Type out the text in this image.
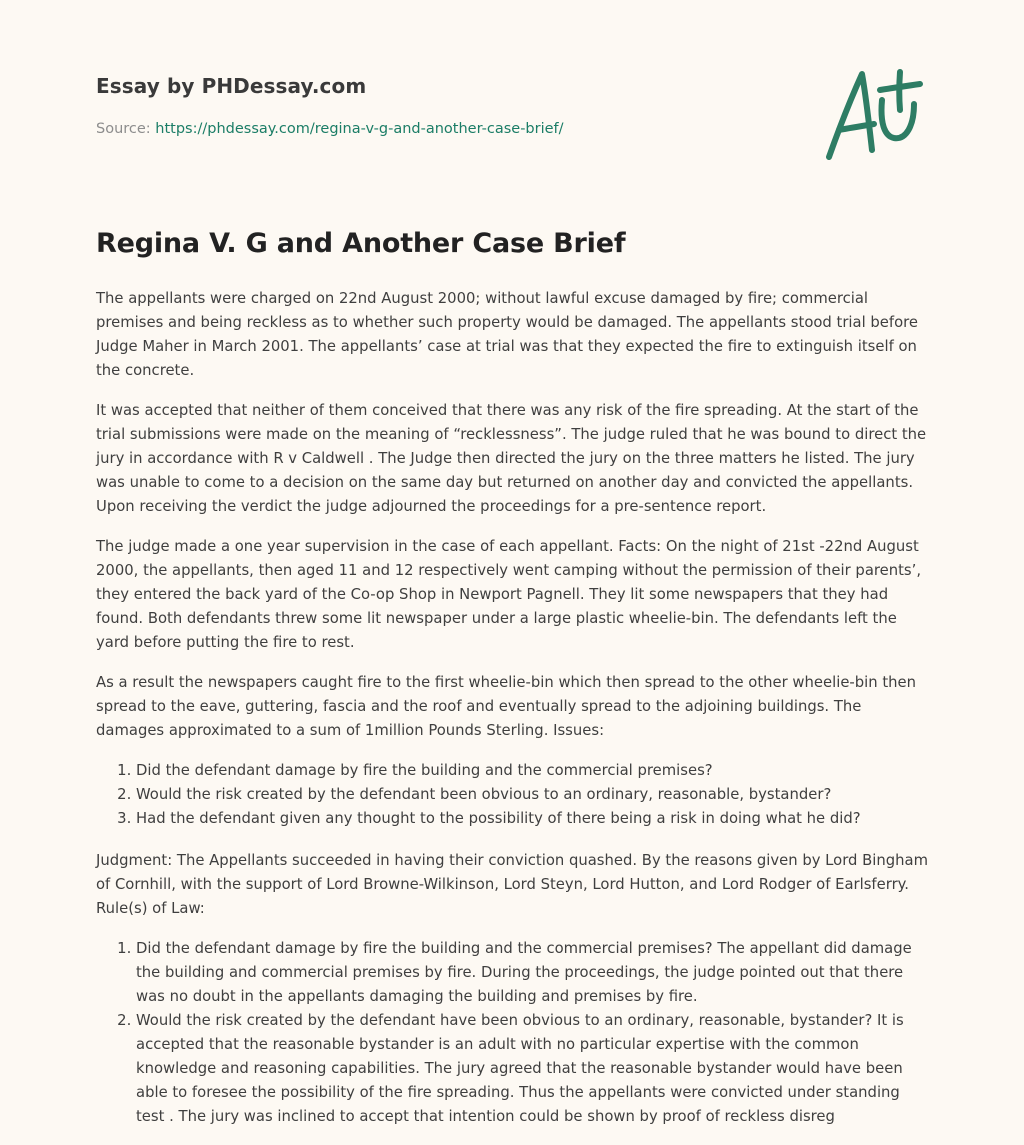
Essay by PHDessay.com
Source: https://phdessay.com/regina-v-g-and-another-case-brief/
Regina V. G and Another Case Brief

The appellants were charged on 22nd August 2000; without lawful excuse damaged by fire; commercial premises and being reckless as to whether such property would be damaged. The appellants stood trial before Judge Maher in March 2001. The appellants’ case at trial was that they expected the fire to extinguish itself on the concrete.

It was accepted that neither of them conceived that there was any risk of the fire spreading. At the start of the trial submissions were made on the meaning of “recklessness”. The judge ruled that he was bound to direct the jury in accordance with R v Caldwell . The Judge then directed the jury on the three matters he listed. The jury was unable to come to a decision on the same day but returned on another day and convicted the appellants. Upon receiving the verdict the judge adjourned the proceedings for a pre-sentence report.

The judge made a one year supervision in the case of each appellant. Facts: On the night of 21st -22nd August 2000, the appellants, then aged 11 and 12 respectively went camping without the permission of their parents’, they entered the back yard of the Co-op Shop in Newport Pagnell. They lit some newspapers that they had found. Both defendants threw some lit newspaper under a large plastic wheelie-bin. The defendants left the yard before putting the fire to rest.

As a result the newspapers caught fire to the first wheelie-bin which then spread to the other wheelie-bin then spread to the eave, guttering, fascia and the roof and eventually spread to the adjoining buildings. The damages approximated to a sum of 1million Pounds Sterling. Issues:

1. Did the defendant damage by fire the building and the commercial premises?
2. Would the risk created by the defendant been obvious to an ordinary, reasonable, bystander?
3. Had the defendant given any thought to the possibility of there being a risk in doing what he did?

Judgment: The Appellants succeeded in having their conviction quashed. By the reasons given by Lord Bingham of Cornhill, with the support of Lord Browne-Wilkinson, Lord Steyn, Lord Hutton, and Lord Rodger of Earlsferry. Rule(s) of Law:

1. Did the defendant damage by fire the building and the commercial premises? The appellant did damage the building and commercial premises by fire. During the proceedings, the judge pointed out that there was no doubt in the appellants damaging the building and premises by fire.
2. Would the risk created by the defendant have been obvious to an ordinary, reasonable, bystander? It is accepted that the reasonable bystander is an adult with no particular expertise with the common knowledge and reasoning capabilities. The jury agreed that the reasonable bystander would have been able to foresee the possibility of the fire spreading. Thus the appellants were convicted under standing test . The jury was inclined to accept that intention could be shown by proof of reckless disreg
